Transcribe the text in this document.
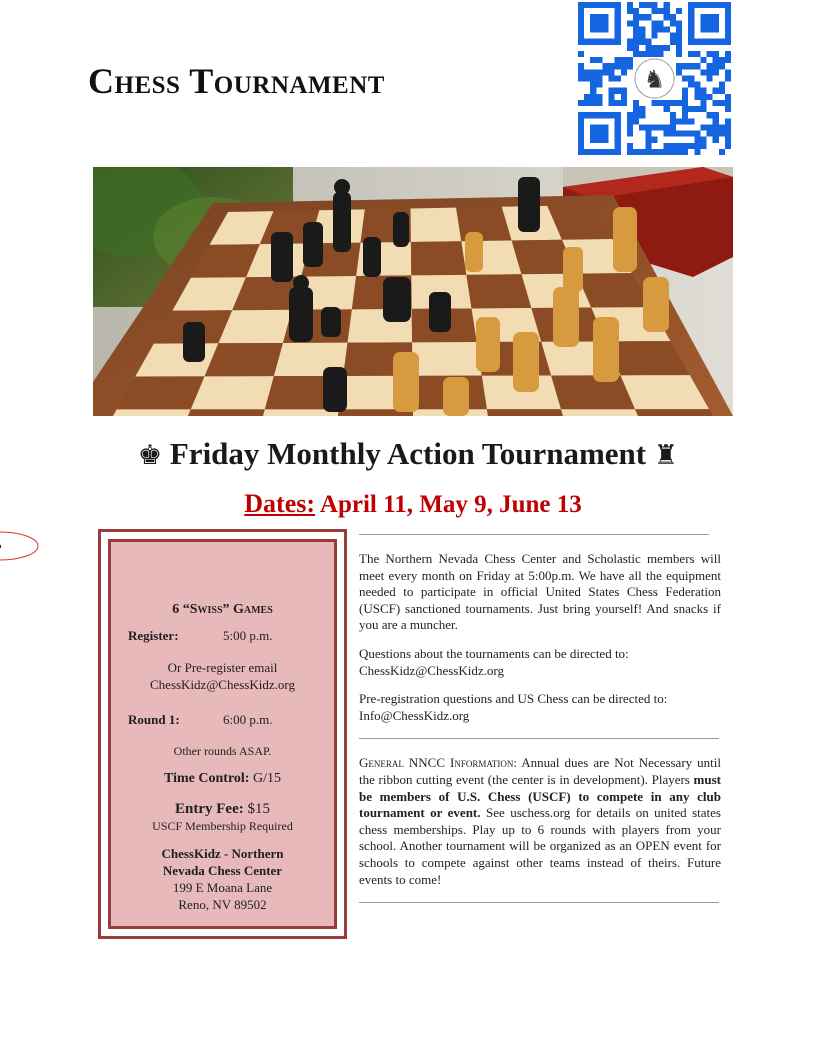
Chess Tournament	♞
♚ Friday Monthly Action Tournament ♜
Dates: April 11, May 9, June 13
6 “Swiss” Games
Register:	5:00 p.m.
Or Pre-register email
ChessKidz@ChessKidz.org
Round 1:	6:00 p.m.
Other rounds ASAP.
Time Control: G/15
Entry Fee: $15
USCF Membership Required
ChessKidz - Northern
Nevada Chess Center
199 E Moana Lane
Reno, NV 89502

The Northern Nevada Chess Center and Scholastic members will meet every month on Friday at 5:00p.m. We have all the equipment needed to participate in official United States Chess Federation (USCF) sanctioned tournaments. Just bring yourself! And snacks if you are a muncher.

Questions about the tournaments can be directed to:
ChessKidz@ChessKidz.org

Pre-registration questions and US Chess can be directed to:
Info@ChessKidz.org

General NNCC Information: Annual dues are Not Necessary until the ribbon cutting event (the center is in development). Players must be members of U.S. Chess (USCF) to compete in any club tournament or event. See uschess.org for details on united states chess memberships. Play up to 6 rounds with players from your school. Another tournament will be organized as an OPEN event for schools to compete against other teams instead of theirs. Future events to come!
